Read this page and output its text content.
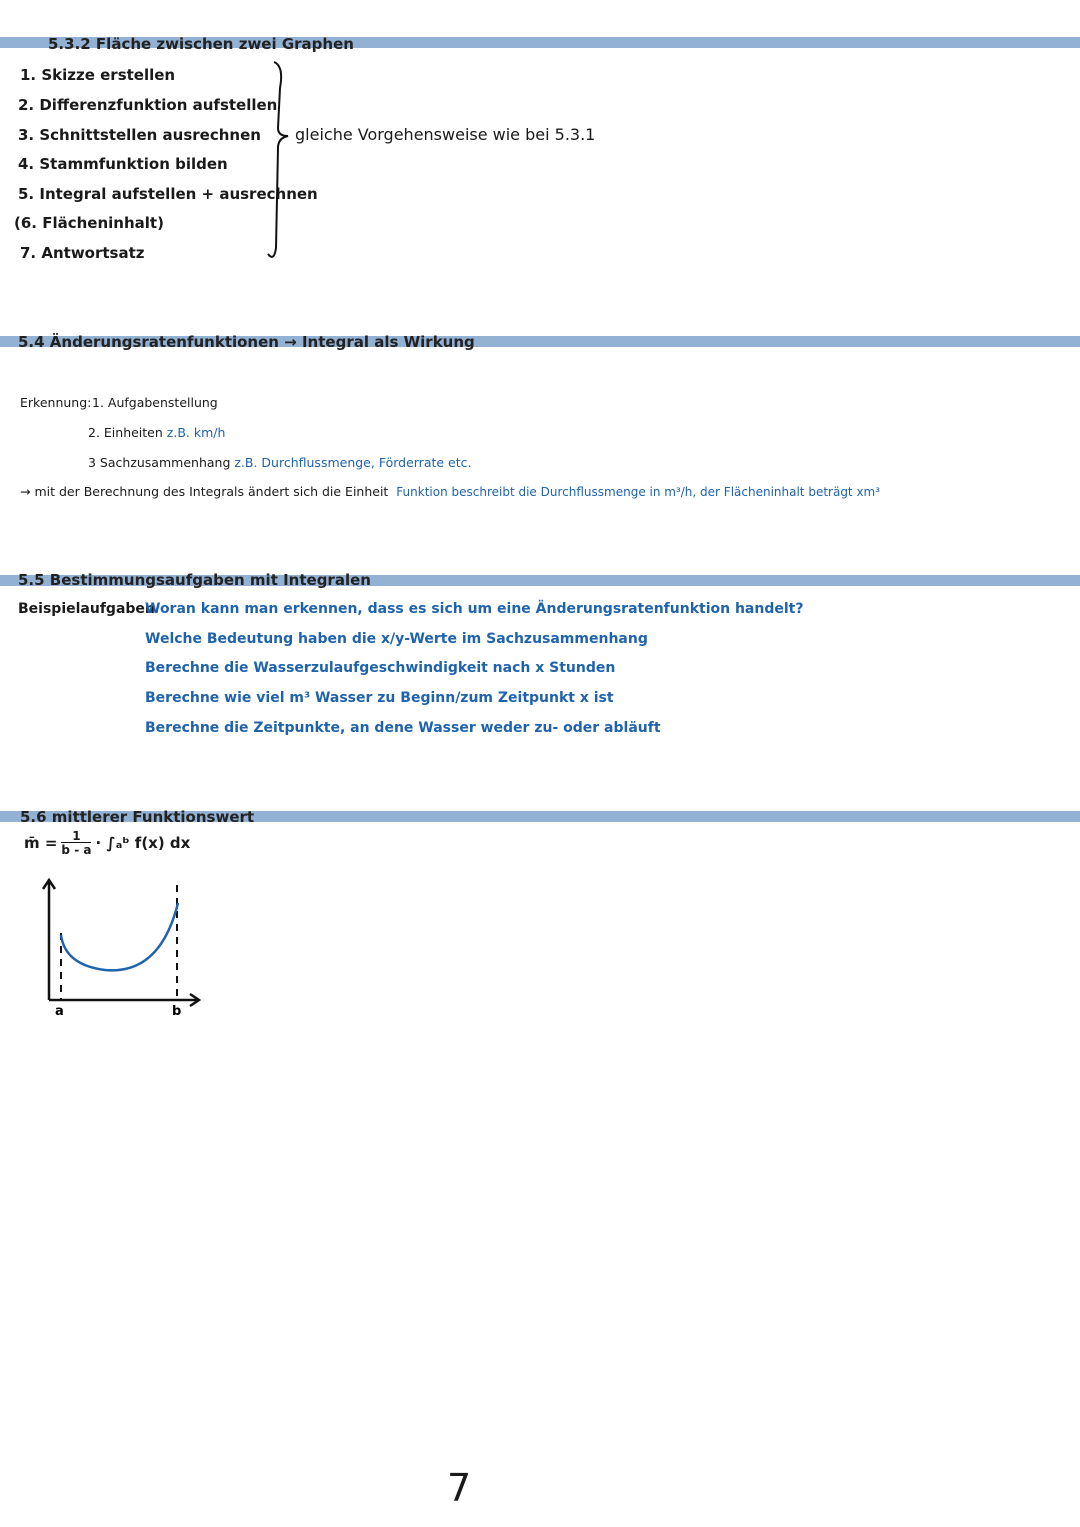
5.3.2 Fläche zwischen zwei Graphen
1. Skizze erstellen
2. Differenzfunktion aufstellen
3. Schnittstellen ausrechnen
4. Stammfunktion bilden
5. Integral aufstellen + ausrechnen
(6. Flächeninhalt)
7. Antwortsatz
gleiche Vorgehensweise wie bei 5.3.1
5.4 Änderungsratenfunktionen → Integral als Wirkung
Erkennung: 1. Aufgabenstellung
2. Einheiten z.B. km/h
3 Sachzusammenhang z.B. Durchflussmenge, Förderrate etc.
→ mit der Berechnung des Integrals ändert sich die Einheit Funktion beschreibt die Durchflussmenge in m³/h, der Flächeninhalt beträgt xm³
5.5 Bestimmungsaufgaben mit Integralen
Beispielaufgaben
Woran kann man erkennen, dass es sich um eine Änderungsratenfunktion handelt?
Welche Bedeutung haben die x/y-Werte im Sachzusammenhang
Berechne die Wasserzulaufgeschwindigkeit nach x Stunden
Berechne wie viel m³ Wasser zu Beginn/zum Zeitpunkt x ist
Berechne die Zeitpunkte, an dene Wasser weder zu- oder abläuft
5.6 mittlerer Funktionswert
m̄ = $\frac{1}{b - a}$ · ∫ₐᵇ f(x) dx
a	b
7
